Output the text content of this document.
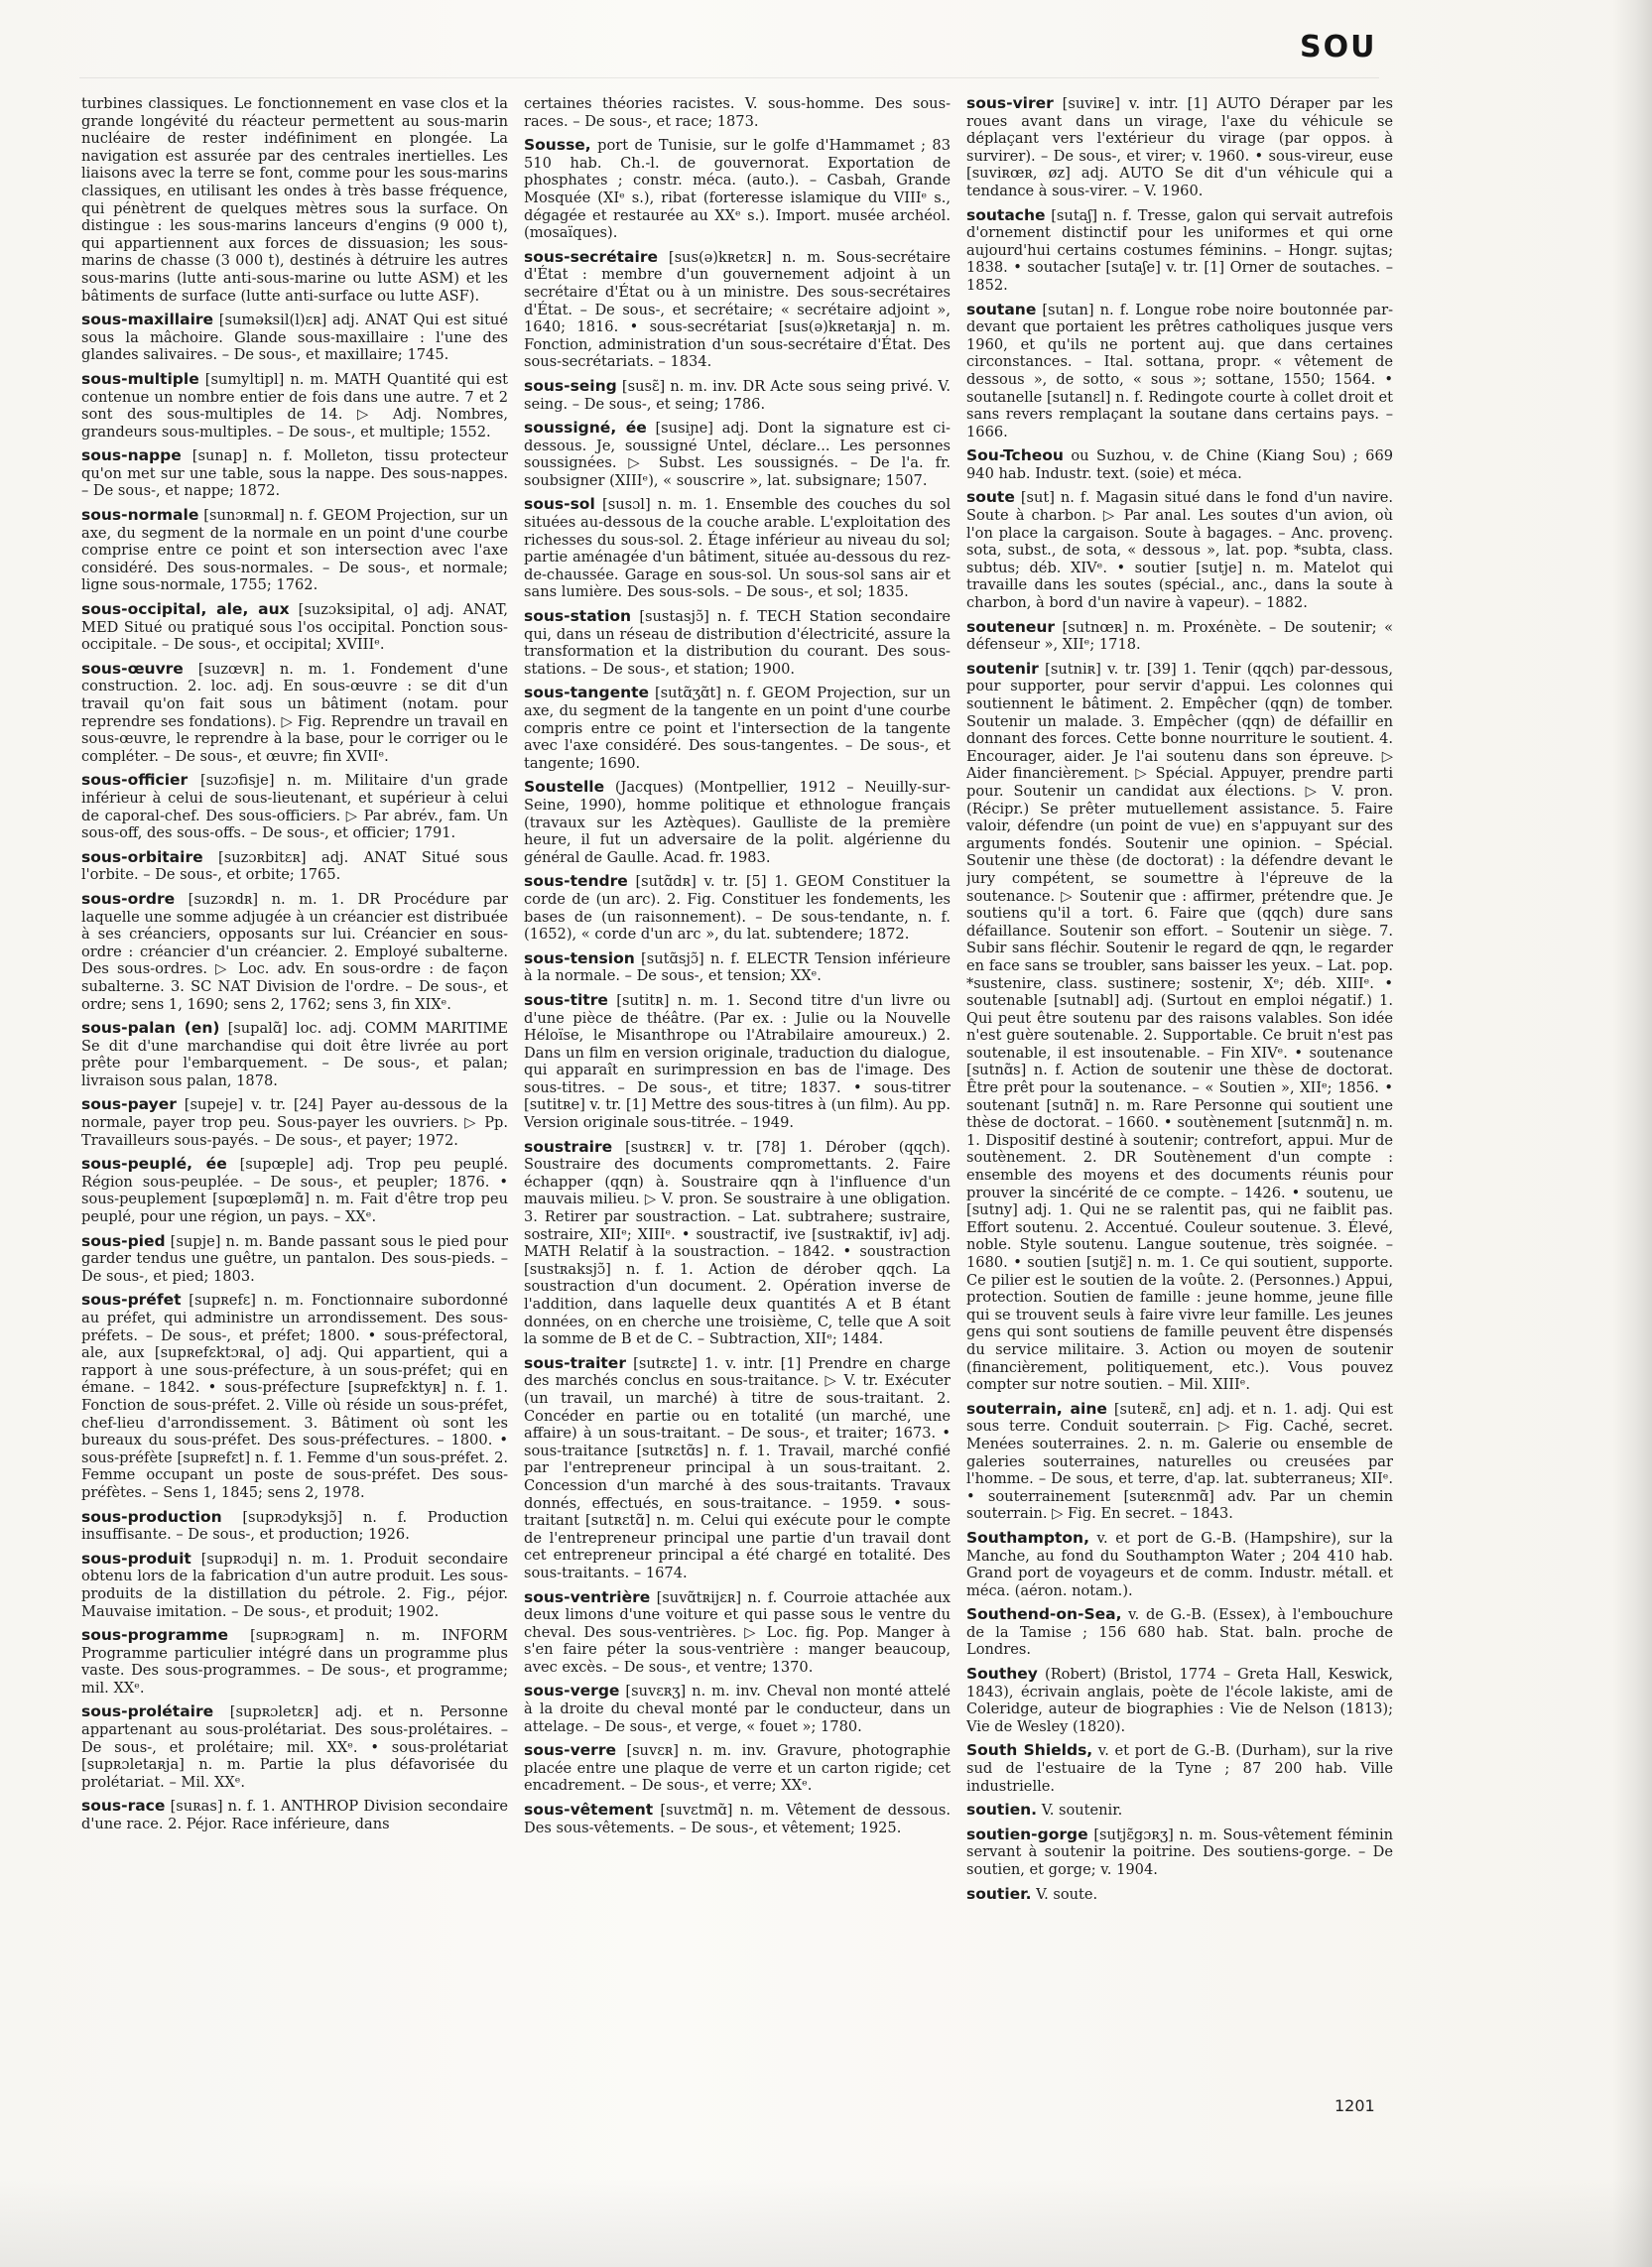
SOU

turbines classiques. Le fonctionnement en vase clos et la grande longévité du réacteur permettent au sous-marin nucléaire de rester indéfiniment en plongée. La navigation est assurée par des centrales inertielles. Les liaisons avec la terre se font, comme pour les sous-marins classiques, en utilisant les ondes à très basse fréquence, qui pénètrent de quelques mètres sous la surface. On distingue : les sous-marins lanceurs d'engins (9 000 t), qui appartiennent aux forces de dissuasion; les sous-marins de chasse (3 000 t), destinés à détruire les autres sous-marins (lutte anti-sous-marine ou lutte ASM) et les bâtiments de surface (lutte anti-surface ou lutte ASF).

sous-maxillaire [suməksil(l)ɛʀ] adj. ANAT Qui est situé sous la mâchoire. Glande sous-maxillaire : l'une des glandes salivaires. – De sous-, et maxillaire; 1745.

sous-multiple [sumyltipl] n. m. MATH Quantité qui est contenue un nombre entier de fois dans une autre. 7 et 2 sont des sous-multiples de 14. ▷ Adj. Nombres, grandeurs sous-multiples. – De sous-, et multiple; 1552.

sous-nappe [sunap] n. f. Molleton, tissu protecteur qu'on met sur une table, sous la nappe. Des sous-nappes. – De sous-, et nappe; 1872.

sous-normale [sunɔʀmal] n. f. GEOM Projection, sur un axe, du segment de la normale en un point d'une courbe comprise entre ce point et son intersection avec l'axe considéré. Des sous-normales. – De sous-, et normale; ligne sous-normale, 1755; 1762.

sous-occipital, ale, aux [suzɔksipital, o] adj. ANAT, MED Situé ou pratiqué sous l'os occipital. Ponction sous-occipitale. – De sous-, et occipital; XVIIIᵉ.

sous-œuvre [suzœvʀ] n. m. 1. Fondement d'une construction. 2. loc. adj. En sous-œuvre : se dit d'un travail qu'on fait sous un bâtiment (notam. pour reprendre ses fondations). ▷ Fig. Reprendre un travail en sous-œuvre, le reprendre à la base, pour le corriger ou le compléter. – De sous-, et œuvre; fin XVIIᵉ.

sous-officier [suzɔfisje] n. m. Militaire d'un grade inférieur à celui de sous-lieutenant, et supérieur à celui de caporal-chef. Des sous-officiers. ▷ Par abrév., fam. Un sous-off, des sous-offs. – De sous-, et officier; 1791.

sous-orbitaire [suzɔʀbitɛʀ] adj. ANAT Situé sous l'orbite. – De sous-, et orbite; 1765.

sous-ordre [suzɔʀdʀ] n. m. 1. DR Procédure par laquelle une somme adjugée à un créancier est distribuée à ses créanciers, opposants sur lui. Créancier en sous-ordre : créancier d'un créancier. 2. Employé subalterne. Des sous-ordres. ▷ Loc. adv. En sous-ordre : de façon subalterne. 3. SC NAT Division de l'ordre. – De sous-, et ordre; sens 1, 1690; sens 2, 1762; sens 3, fin XIXᵉ.

sous-palan (en) [supalɑ̃] loc. adj. COMM MARITIME Se dit d'une marchandise qui doit être livrée au port prête pour l'embarquement. – De sous-, et palan; livraison sous palan, 1878.

sous-payer [supeje] v. tr. [24] Payer au-dessous de la normale, payer trop peu. Sous-payer les ouvriers. ▷ Pp. Travailleurs sous-payés. – De sous-, et payer; 1972.

sous-peuplé, ée [supœple] adj. Trop peu peuplé. Région sous-peuplée. – De sous-, et peupler; 1876. • sous-peuplement [supœpləmɑ̃] n. m. Fait d'être trop peu peuplé, pour une région, un pays. – XXᵉ.

sous-pied [supje] n. m. Bande passant sous le pied pour garder tendus une guêtre, un pantalon. Des sous-pieds. – De sous-, et pied; 1803.

sous-préfet [supʀefɛ] n. m. Fonctionnaire subordonné au préfet, qui administre un arrondissement. Des sous-préfets. – De sous-, et préfet; 1800. • sous-préfectoral, ale, aux [supʀefɛktɔʀal, o] adj. Qui appartient, qui a rapport à une sous-préfecture, à un sous-préfet; qui en émane. – 1842. • sous-préfecture [supʀefɛktyʀ] n. f. 1. Fonction de sous-préfet. 2. Ville où réside un sous-préfet, chef-lieu d'arrondissement. 3. Bâtiment où sont les bureaux du sous-préfet. Des sous-préfectures. – 1800. • sous-préfète [supʀefɛt] n. f. 1. Femme d'un sous-préfet. 2. Femme occupant un poste de sous-préfet. Des sous-préfètes. – Sens 1, 1845; sens 2, 1978.

sous-production [supʀɔdyksjɔ̃] n. f. Production insuffisante. – De sous-, et production; 1926.

sous-produit [supʀɔdɥi] n. m. 1. Produit secondaire obtenu lors de la fabrication d'un autre produit. Les sous-produits de la distillation du pétrole. 2. Fig., péjor. Mauvaise imitation. – De sous-, et produit; 1902.

sous-programme [supʀɔgʀam] n. m. INFORM Programme particulier intégré dans un programme plus vaste. Des sous-programmes. – De sous-, et programme; mil. XXᵉ.

sous-prolétaire [supʀɔletɛʀ] adj. et n. Personne appartenant au sous-prolétariat. Des sous-prolétaires. – De sous-, et prolétaire; mil. XXᵉ. • sous-prolétariat [supʀɔletaʀja] n. m. Partie la plus défavorisée du prolétariat. – Mil. XXᵉ.

sous-race [suʀas] n. f. 1. ANTHROP Division secondaire d'une race. 2. Péjor. Race inférieure, dans

certaines théories racistes. V. sous-homme. Des sous-races. – De sous-, et race; 1873.

Sousse, port de Tunisie, sur le golfe d'Hammamet ; 83 510 hab. Ch.-l. de gouvernorat. Exportation de phosphates ; constr. méca. (auto.). – Casbah, Grande Mosquée (XIᵉ s.), ribat (forteresse islamique du VIIIᵉ s., dégagée et restaurée au XXᵉ s.). Import. musée archéol. (mosaïques).

sous-secrétaire [sus(ə)kʀetɛʀ] n. m. Sous-secrétaire d'État : membre d'un gouvernement adjoint à un secrétaire d'État ou à un ministre. Des sous-secrétaires d'État. – De sous-, et secrétaire; « secrétaire adjoint », 1640; 1816. • sous-secrétariat [sus(ə)kʀetaʀja] n. m. Fonction, administration d'un sous-secrétaire d'État. Des sous-secrétariats. – 1834.

sous-seing [susɛ̃] n. m. inv. DR Acte sous seing privé. V. seing. – De sous-, et seing; 1786.

soussigné, ée [susiɲe] adj. Dont la signature est ci-dessous. Je, soussigné Untel, déclare... Les personnes soussignées. ▷ Subst. Les soussignés. – De l'a. fr. soubsigner (XIIIᵉ), « souscrire », lat. subsignare; 1507.

sous-sol [susɔl] n. m. 1. Ensemble des couches du sol situées au-dessous de la couche arable. L'exploitation des richesses du sous-sol. 2. Étage inférieur au niveau du sol; partie aménagée d'un bâtiment, située au-dessous du rez-de-chaussée. Garage en sous-sol. Un sous-sol sans air et sans lumière. Des sous-sols. – De sous-, et sol; 1835.

sous-station [sustasjɔ̃] n. f. TECH Station secondaire qui, dans un réseau de distribution d'électricité, assure la transformation et la distribution du courant. Des sous-stations. – De sous-, et station; 1900.

sous-tangente [sutɑ̃ʒɑ̃t] n. f. GEOM Projection, sur un axe, du segment de la tangente en un point d'une courbe compris entre ce point et l'intersection de la tangente avec l'axe considéré. Des sous-tangentes. – De sous-, et tangente; 1690.

Soustelle (Jacques) (Montpellier, 1912 – Neuilly-sur-Seine, 1990), homme politique et ethnologue français (travaux sur les Aztèques). Gaulliste de la première heure, il fut un adversaire de la polit. algérienne du général de Gaulle. Acad. fr. 1983.

sous-tendre [sutɑ̃dʀ] v. tr. [5] 1. GEOM Constituer la corde de (un arc). 2. Fig. Constituer les fondements, les bases de (un raisonnement). – De sous-tendante, n. f. (1652), « corde d'un arc », du lat. subtendere; 1872.

sous-tension [sutɑ̃sjɔ̃] n. f. ELECTR Tension inférieure à la normale. – De sous-, et tension; XXᵉ.

sous-titre [sutitʀ] n. m. 1. Second titre d'un livre ou d'une pièce de théâtre. (Par ex. : Julie ou la Nouvelle Héloïse, le Misanthrope ou l'Atrabilaire amoureux.) 2. Dans un film en version originale, traduction du dialogue, qui apparaît en surimpression en bas de l'image. Des sous-titres. – De sous-, et titre; 1837. • sous-titrer [sutitʀe] v. tr. [1] Mettre des sous-titres à (un film). Au pp. Version originale sous-titrée. – 1949.

soustraire [sustʀɛʀ] v. tr. [78] 1. Dérober (qqch). Soustraire des documents compromettants. 2. Faire échapper (qqn) à. Soustraire qqn à l'influence d'un mauvais milieu. ▷ V. pron. Se soustraire à une obligation. 3. Retirer par soustraction. – Lat. subtrahere; sustraire, sostraire, XIIᵉ; XIIIᵉ. • soustractif, ive [sustʀaktif, iv] adj. MATH Relatif à la soustraction. – 1842. • soustraction [sustʀaksjɔ̃] n. f. 1. Action de dérober qqch. La soustraction d'un document. 2. Opération inverse de l'addition, dans laquelle deux quantités A et B étant données, on en cherche une troisième, C, telle que A soit la somme de B et de C. – Subtraction, XIIᵉ; 1484.

sous-traiter [sutʀɛte] 1. v. intr. [1] Prendre en charge des marchés conclus en sous-traitance. ▷ V. tr. Exécuter (un travail, un marché) à titre de sous-traitant. 2. Concéder en partie ou en totalité (un marché, une affaire) à un sous-traitant. – De sous-, et traiter; 1673. • sous-traitance [sutʀɛtɑ̃s] n. f. 1. Travail, marché confié par l'entrepreneur principal à un sous-traitant. 2. Concession d'un marché à des sous-traitants. Travaux donnés, effectués, en sous-traitance. – 1959. • sous-traitant [sutʀɛtɑ̃] n. m. Celui qui exécute pour le compte de l'entrepreneur principal une partie d'un travail dont cet entrepreneur principal a été chargé en totalité. Des sous-traitants. – 1674.

sous-ventrière [suvɑ̃tʀijɛʀ] n. f. Courroie attachée aux deux limons d'une voiture et qui passe sous le ventre du cheval. Des sous-ventrières. ▷ Loc. fig. Pop. Manger à s'en faire péter la sous-ventrière : manger beaucoup, avec excès. – De sous-, et ventre; 1370.

sous-verge [suvɛʀʒ] n. m. inv. Cheval non monté attelé à la droite du cheval monté par le conducteur, dans un attelage. – De sous-, et verge, « fouet »; 1780.

sous-verre [suvɛʀ] n. m. inv. Gravure, photographie placée entre une plaque de verre et un carton rigide; cet encadrement. – De sous-, et verre; XXᵉ.

sous-vêtement [suvɛtmɑ̃] n. m. Vêtement de dessous. Des sous-vêtements. – De sous-, et vêtement; 1925.

sous-virer [suviʀe] v. intr. [1] AUTO Déraper par les roues avant dans un virage, l'axe du véhicule se déplaçant vers l'extérieur du virage (par oppos. à survirer). – De sous-, et virer; v. 1960. • sous-vireur, euse [suviʀœʀ, øz] adj. AUTO Se dit d'un véhicule qui a tendance à sous-virer. – V. 1960.

soutache [sutaʃ] n. f. Tresse, galon qui servait autrefois d'ornement distinctif pour les uniformes et qui orne aujourd'hui certains costumes féminins. – Hongr. sujtas; 1838. • soutacher [sutaʃe] v. tr. [1] Orner de soutaches. – 1852.

soutane [sutan] n. f. Longue robe noire boutonnée par-devant que portaient les prêtres catholiques jusque vers 1960, et qu'ils ne portent auj. que dans certaines circonstances. – Ital. sottana, propr. « vêtement de dessous », de sotto, « sous »; sottane, 1550; 1564. • soutanelle [sutanɛl] n. f. Redingote courte à collet droit et sans revers remplaçant la soutane dans certains pays. – 1666.

Sou-Tcheou ou Suzhou, v. de Chine (Kiang Sou) ; 669 940 hab. Industr. text. (soie) et méca.

soute [sut] n. f. Magasin situé dans le fond d'un navire. Soute à charbon. ▷ Par anal. Les soutes d'un avion, où l'on place la cargaison. Soute à bagages. – Anc. provenç. sota, subst., de sota, « dessous », lat. pop. *subta, class. subtus; déb. XIVᵉ. • soutier [sutje] n. m. Matelot qui travaille dans les soutes (spécial., anc., dans la soute à charbon, à bord d'un navire à vapeur). – 1882.

souteneur [sutnœʀ] n. m. Proxénète. – De soutenir; « défenseur », XIIᵉ; 1718.

soutenir [sutniʀ] v. tr. [39] 1. Tenir (qqch) par-dessous, pour supporter, pour servir d'appui. Les colonnes qui soutiennent le bâtiment. 2. Empêcher (qqn) de tomber. Soutenir un malade. 3. Empêcher (qqn) de défaillir en donnant des forces. Cette bonne nourriture le soutient. 4. Encourager, aider. Je l'ai soutenu dans son épreuve. ▷ Aider financièrement. ▷ Spécial. Appuyer, prendre parti pour. Soutenir un candidat aux élections. ▷ V. pron. (Récipr.) Se prêter mutuellement assistance. 5. Faire valoir, défendre (un point de vue) en s'appuyant sur des arguments fondés. Soutenir une opinion. – Spécial. Soutenir une thèse (de doctorat) : la défendre devant le jury compétent, se soumettre à l'épreuve de la soutenance. ▷ Soutenir que : affirmer, prétendre que. Je soutiens qu'il a tort. 6. Faire que (qqch) dure sans défaillance. Soutenir son effort. – Soutenir un siège. 7. Subir sans fléchir. Soutenir le regard de qqn, le regarder en face sans se troubler, sans baisser les yeux. – Lat. pop. *sustenire, class. sustinere; sostenir, Xᵉ; déb. XIIIᵉ. • soutenable [sutnabl] adj. (Surtout en emploi négatif.) 1. Qui peut être soutenu par des raisons valables. Son idée n'est guère soutenable. 2. Supportable. Ce bruit n'est pas soutenable, il est insoutenable. – Fin XIVᵉ. • soutenance [sutnɑ̃s] n. f. Action de soutenir une thèse de doctorat. Être prêt pour la soutenance. – « Soutien », XIIᵉ; 1856. • soutenant [sutnɑ̃] n. m. Rare Personne qui soutient une thèse de doctorat. – 1660. • soutènement [sutɛnmɑ̃] n. m. 1. Dispositif destiné à soutenir; contrefort, appui. Mur de soutènement. 2. DR Soutènement d'un compte : ensemble des moyens et des documents réunis pour prouver la sincérité de ce compte. – 1426. • soutenu, ue [sutny] adj. 1. Qui ne se ralentit pas, qui ne faiblit pas. Effort soutenu. 2. Accentué. Couleur soutenue. 3. Élevé, noble. Style soutenu. Langue soutenue, très soignée. – 1680. • soutien [sutjɛ̃] n. m. 1. Ce qui soutient, supporte. Ce pilier est le soutien de la voûte. 2. (Personnes.) Appui, protection. Soutien de famille : jeune homme, jeune fille qui se trouvent seuls à faire vivre leur famille. Les jeunes gens qui sont soutiens de famille peuvent être dispensés du service militaire. 3. Action ou moyen de soutenir (financièrement, politiquement, etc.). Vous pouvez compter sur notre soutien. – Mil. XIIIᵉ.

souterrain, aine [suteʀɛ̃, ɛn] adj. et n. 1. adj. Qui est sous terre. Conduit souterrain. ▷ Fig. Caché, secret. Menées souterraines. 2. n. m. Galerie ou ensemble de galeries souterraines, naturelles ou creusées par l'homme. – De sous, et terre, d'ap. lat. subterraneus; XIIᵉ. • souterrainement [suteʀɛnmɑ̃] adv. Par un chemin souterrain. ▷ Fig. En secret. – 1843.

Southampton, v. et port de G.-B. (Hampshire), sur la Manche, au fond du Southampton Water ; 204 410 hab. Grand port de voyageurs et de comm. Industr. métall. et méca. (aéron. notam.).

Southend-on-Sea, v. de G.-B. (Essex), à l'embouchure de la Tamise ; 156 680 hab. Stat. baln. proche de Londres.

Southey (Robert) (Bristol, 1774 – Greta Hall, Keswick, 1843), écrivain anglais, poète de l'école lakiste, ami de Coleridge, auteur de biographies : Vie de Nelson (1813); Vie de Wesley (1820).

South Shields, v. et port de G.-B. (Durham), sur la rive sud de l'estuaire de la Tyne ; 87 200 hab. Ville industrielle.

soutien. V. soutenir.

soutien-gorge [sutjɛ̃gɔʀʒ] n. m. Sous-vêtement féminin servant à soutenir la poitrine. Des soutiens-gorge. – De soutien, et gorge; v. 1904.

soutier. V. soute.

1201
